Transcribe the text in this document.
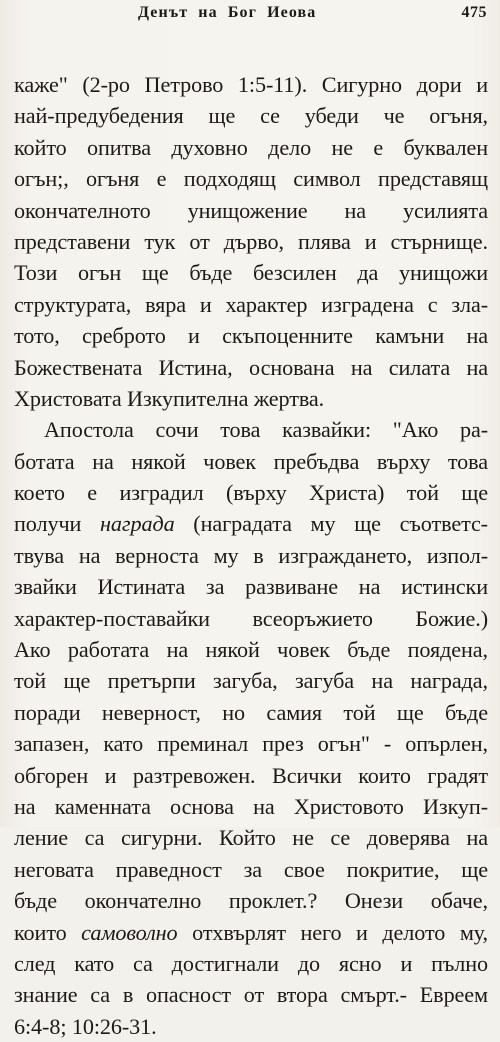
Денът на Бог Иеова	475
каже" (2-ро Петрово 1:5-11). Сигурно дори и
най-предубедения ще се убеди че огъня,
който опитва духовно дело не е буквален
огън;, огъня е подходящ символ представящ
окончателното унищожение на усилията
представени тук от дърво, плява и стърнище.
Този огън ще бъде безсилен да унищожи
структурата, вяра и характер изградена с зла-
тото, среброто и скъпоценните камъни на
Божествената Истина, основана на силата на
Христовата Изкупителна жертва.
Апостола сочи това казвайки: "Ако ра-
ботата на някой човек пребъдва върху това
което е изградил (върху Христа) той ще
получи награда (наградата му ще съответс-
твува на верноста му в изграждането, изпол-
звайки Истината за развиване на истински
характер-поставайки всеоръжието Божие.)
Ако работата на някой човек бъде поядена,
той ще претърпи загуба, загуба на награда,
поради неверност, но самия той ще бъде
запазен, като преминал през огън" - опърлен,
обгорен и разтревожен. Всички които градят
на каменната основа на Христовото Изкуп-
ление са сигурни. Който не се доверява на
неговата праведност за свое покритие, ще
бъде окончателно проклет.? Онези обаче,
които самоволно отхвърлят него и делото му,
след като са достигнали до ясно и пълно
знание са в опасност от втора смърт.- Евреем
6:4-8; 10:26-31.
